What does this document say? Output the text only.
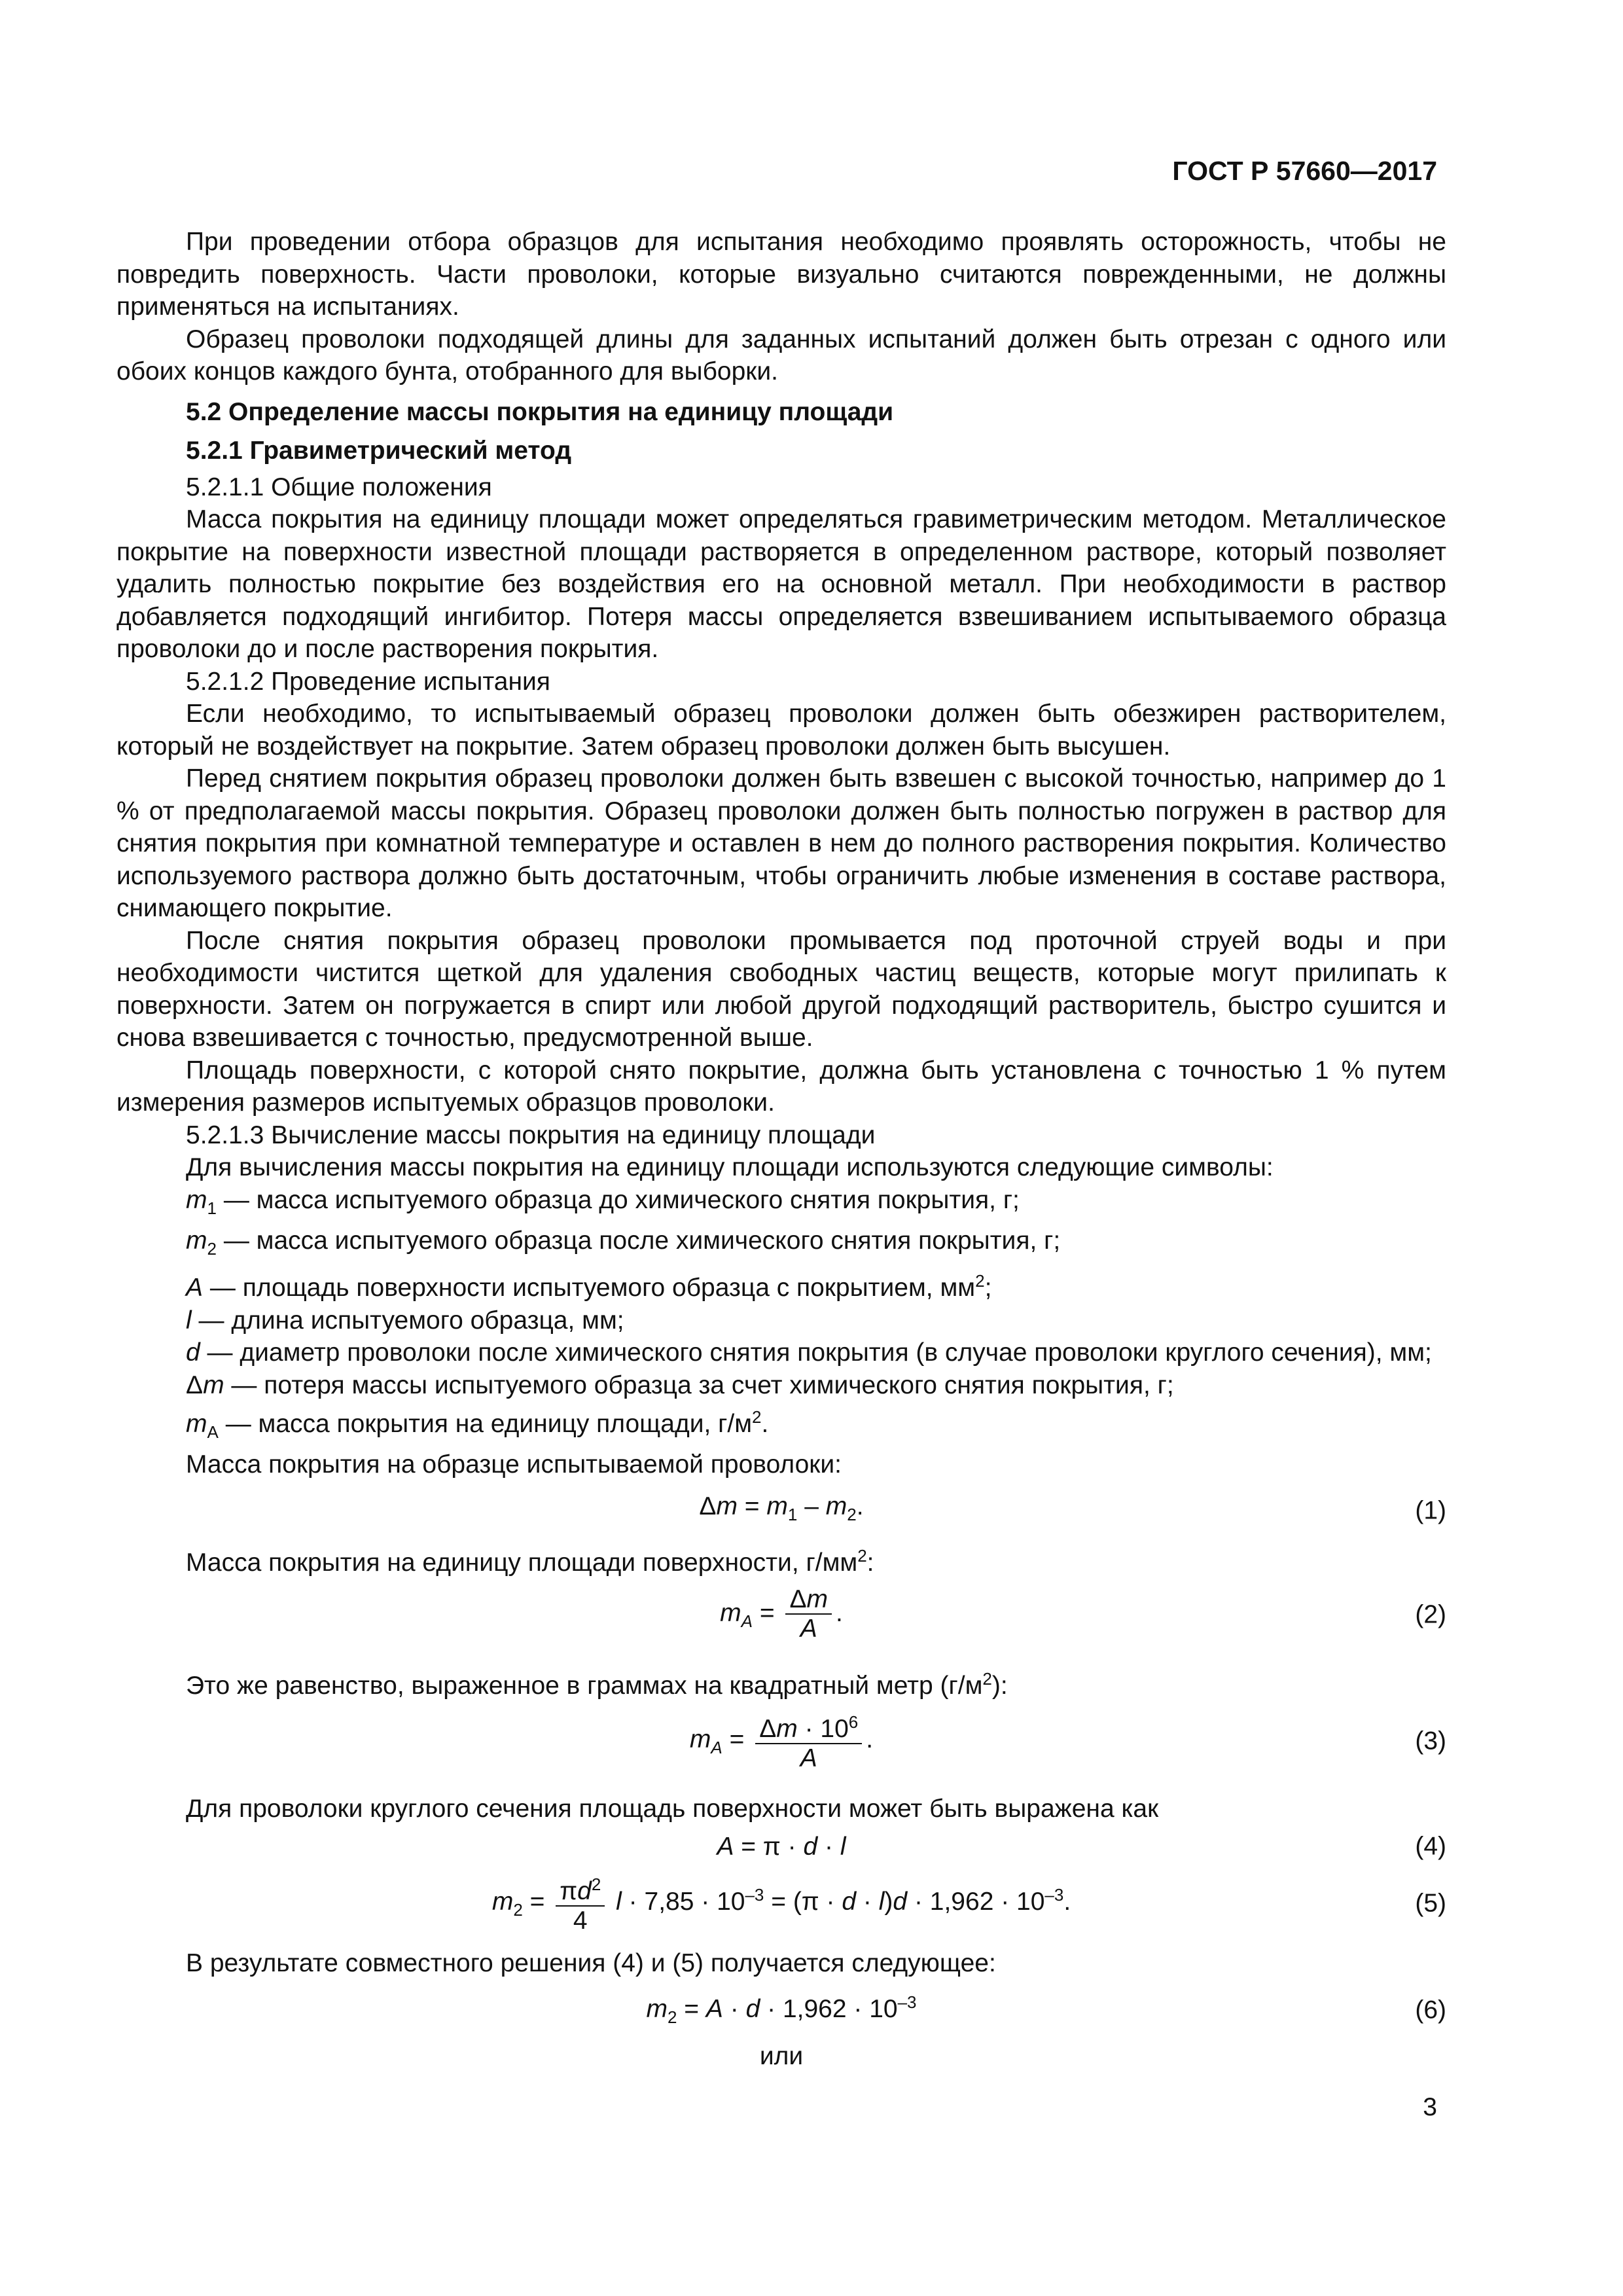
ГОСТ Р 57660—2017

При проведении отбора образцов для испытания необходимо проявлять осторожность, чтобы не повредить поверхность. Части проволоки, которые визуально считаются поврежденными, не должны применяться на испытаниях.

Образец проволоки подходящей длины для заданных испытаний должен быть отрезан с одного или обоих концов каждого бунта, отобранного для выборки.

5.2 Определение массы покрытия на единицу площади
5.2.1 Гравиметрический метод
5.2.1.1 Общие положения

Масса покрытия на единицу площади может определяться гравиметрическим методом. Металлическое покрытие на поверхности известной площади растворяется в определенном растворе, который позволяет удалить полностью покрытие без воздействия его на основной металл. При необходимости в раствор добавляется подходящий ингибитор. Потеря массы определяется взвешиванием испытываемого образца проволоки до и после растворения покрытия.

5.2.1.2 Проведение испытания

Если необходимо, то испытываемый образец проволоки должен быть обезжирен растворителем, который не воздействует на покрытие. Затем образец проволоки должен быть высушен.

Перед снятием покрытия образец проволоки должен быть взвешен с высокой точностью, например до 1 % от предполагаемой массы покрытия. Образец проволоки должен быть полностью погружен в раствор для снятия покрытия при комнатной температуре и оставлен в нем до полного растворения покрытия. Количество используемого раствора должно быть достаточным, чтобы ограничить любые изменения в составе раствора, снимающего покрытие.

После снятия покрытия образец проволоки промывается под проточной струей воды и при необходимости чистится щеткой для удаления свободных частиц веществ, которые могут прилипать к поверхности. Затем он погружается в спирт или любой другой подходящий растворитель, быстро сушится и снова взвешивается с точностью, предусмотренной выше.

Площадь поверхности, с которой снято покрытие, должна быть установлена с точностью 1 % путем измерения размеров испытуемых образцов проволоки.

5.2.1.3 Вычисление массы покрытия на единицу площади

Для вычисления массы покрытия на единицу площади используются следующие символы:

$m_1$ — масса испытуемого образца до химического снятия покрытия, г;
$m_2$ — масса испытуемого образца после химического снятия покрытия, г;
A — площадь поверхности испытуемого образца с покрытием, $мм^2$;
l — длина испытуемого образца, мм;

d — диаметр проволоки после химического снятия покрытия (в случае проволоки круглого сечения), мм;

Δm — потеря массы испытуемого образца за счет химического снятия покрытия, г;
$m_A$ — масса покрытия на единицу площади, $г/м^2$.
Масса покрытия на образце испытываемой проволоки:
$\Delta m = m_1 - m_2$.	(1)
Масса покрытия на единицу площади поверхности, $г/мм^2$:
$m_A = \frac{\Delta m}{A}$ .	(2)
Это же равенство, выраженное в граммах на квадратный метр $(г/м^2)$:
$m_A = \frac{\Delta m \cdot 10^6}{A}$ .	(3)
Для проволоки круглого сечения площадь поверхности может быть выражена как
A = π · d · l	(4)
$m_2 = \frac{\pi d^2}{4}$ $l \cdot 7,85 \cdot 10^{-3} = (\pi \cdot d \cdot l)d \cdot 1,962 \cdot 10^{-3}$.	(5)
В результате совместного решения (4) и (5) получается следующее:
$m_2 = A \cdot d \cdot 1,962 \cdot 10^{-3}$	(6)
или
3
